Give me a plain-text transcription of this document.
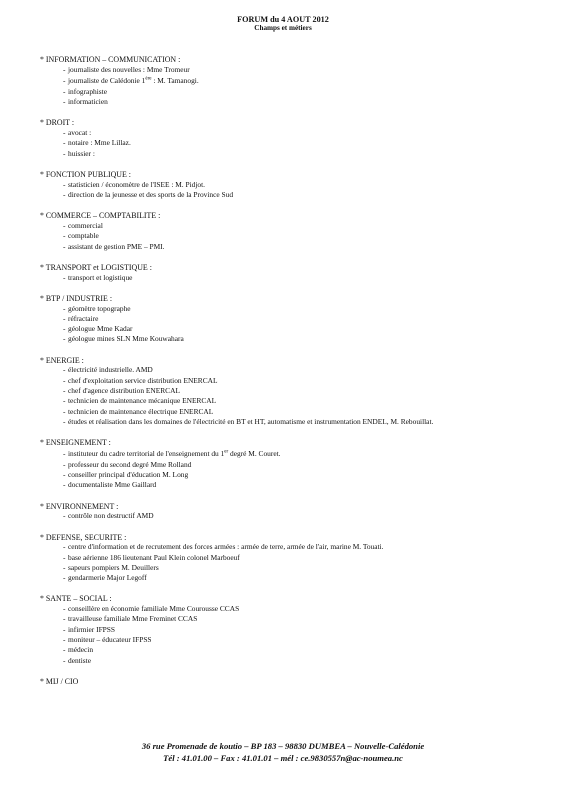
FORUM du 4 AOUT 2012
Champs et métiers
* INFORMATION – COMMUNICATION :
- journaliste des nouvelles : Mme Tromeur
- journaliste de Calédonie 1ère : M. Tamanogi.
- infographiste
- informaticien
* DROIT :
- avocat :
- notaire : Mme Lillaz.
- huissier :
* FONCTION PUBLIQUE :
- statisticien / économètre de l'ISEE : M. Pidjot.
- direction de la jeunesse et des sports de la Province Sud
* COMMERCE – COMPTABILITE :
- commercial
- comptable
- assistant de gestion PME – PMI.
* TRANSPORT et LOGISTIQUE :
- transport et logistique
* BTP / INDUSTRIE :
- géomètre topographe
- réfractaire
- géologue Mme Kadar
- géologue mines SLN Mme Kouwahara
* ENERGIE :
- électricité industrielle. AMD
- chef d'exploitation service distribution ENERCAL
- chef d'agence distribution ENERCAL
- technicien de maintenance mécanique ENERCAL
- technicien de maintenance électrique ENERCAL
- études et réalisation dans les domaines de l'électricité en BT et HT, automatisme et instrumentation ENDEL, M. Rebouillat.
* ENSEIGNEMENT :
- instituteur du cadre territorial de l'enseignement du 1er degré M. Couret.
- professeur du second degré Mme Rolland
- conseiller principal d'éducation M. Long
- documentaliste Mme Gaillard
* ENVIRONNEMENT :
- contrôle non destructif AMD
* DEFENSE, SECURITE :
- centre d'information et de recrutement des forces armées : armée de terre, armée de l'air, marine M. Touati.
- base aérienne 186 lieutenant Paul Klein colonel Marboeuf
- sapeurs pompiers M. Deuillers
- gendarmerie Major Legoff
* SANTE – SOCIAL :
- conseillère en économie familiale Mme Courousse CCAS
- travailleuse familiale Mme Freminet CCAS
- infirmier IFPSS
- moniteur – éducateur IFPSS
- médecin
- dentiste
* MIJ / CIO
36 rue Promenade de koutio – BP 183 – 98830 DUMBEA – Nouvelle-Calédonie
Tél : 41.01.00 – Fax : 41.01.01 – mél : ce.9830557n@ac-noumea.nc
